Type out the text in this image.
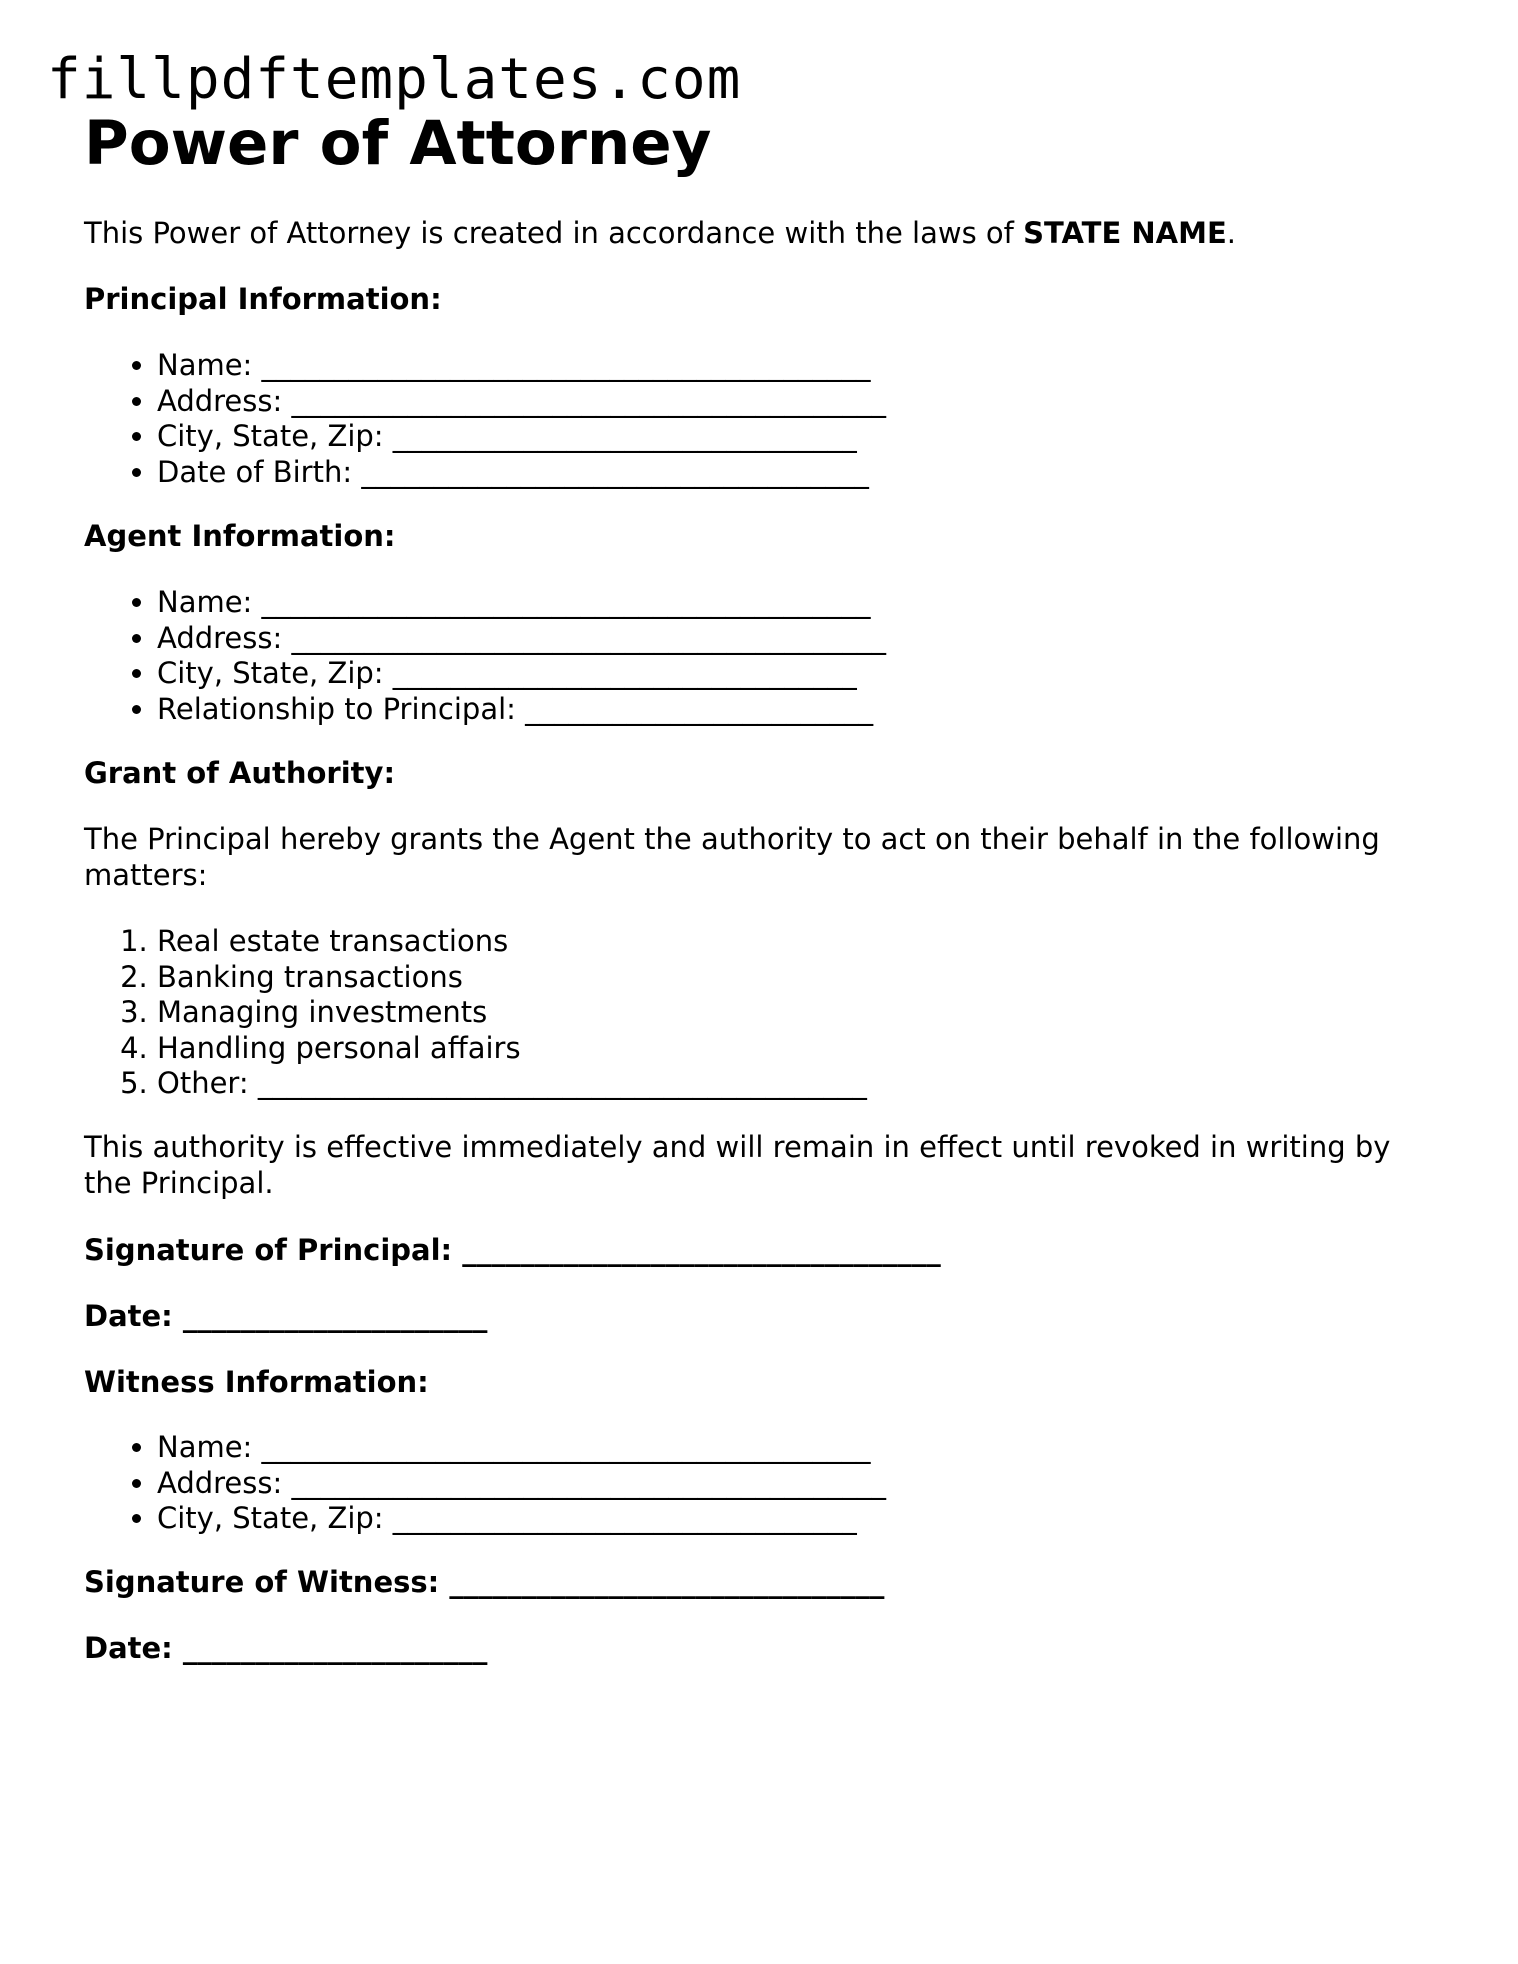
fillpdftemplates.com
Power of Attorney

This Power of Attorney is created in accordance with the laws of STATE NAME.

Principal Information:

• Name: __________________________________________
• Address: _________________________________________
• City, State, Zip: ________________________________
• Date of Birth: ___________________________________

Agent Information:

• Name: __________________________________________
• Address: _________________________________________
• City, State, Zip: ________________________________
• Relationship to Principal: ________________________

Grant of Authority:

The Principal hereby grants the Agent the authority to act on their behalf in the following matters:

1. Real estate transactions
2. Banking transactions
3. Managing investments
4. Handling personal affairs
5. Other: __________________________________________

This authority is effective immediately and will remain in effect until revoked in writing by the Principal.

Signature of Principal: _________________________________

Date: _____________________

Witness Information:

• Name: __________________________________________
• Address: _________________________________________
• City, State, Zip: ________________________________

Signature of Witness: ______________________________

Date: _____________________
